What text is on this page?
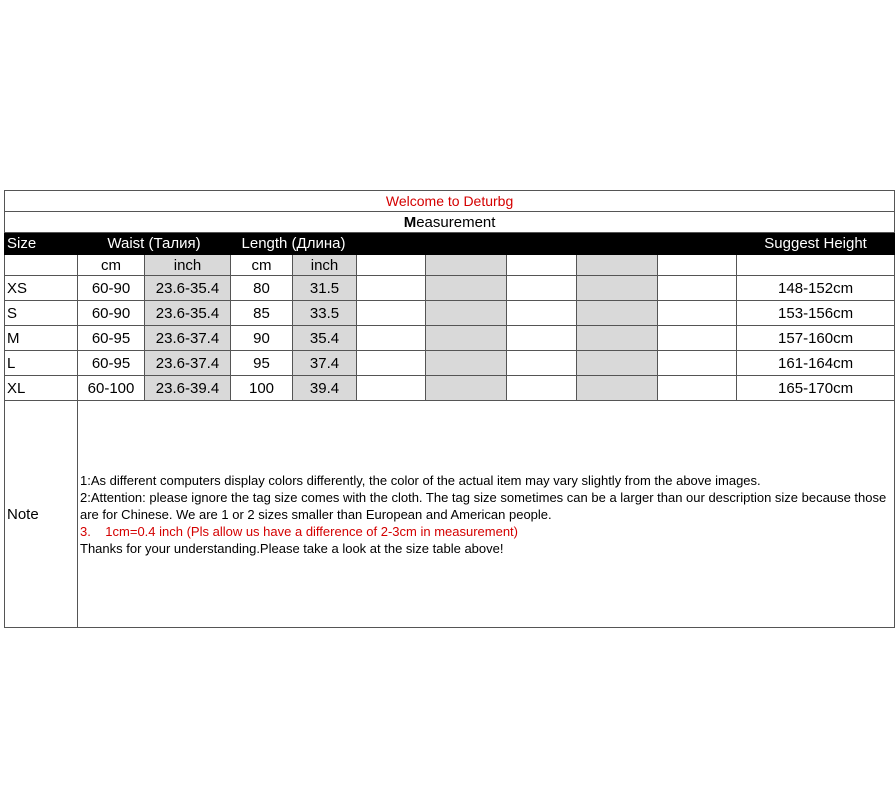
Welcome to Deturbg										
Measurement										
Size	Waist (Талия)		Length (Длина)							Suggest Height
	cm	inch	cm	inch						
XS	60-90	23.6-35.4	80	31.5						148-152cm
S	60-90	23.6-35.4	85	33.5						153-156cm
M	60-95	23.6-37.4	90	35.4						157-160cm
L	60-95	23.6-37.4	95	37.4						161-164cm
XL	60-100	23.6-39.4	100	39.4						165-170cm
Note	1:As different computers display colors differently, the color of the actual item may vary slightly from the above images.

2:Attention: please ignore the tag size comes with the cloth. The tag size sometimes can be a larger than our description size because those are for Chinese. We are 1 or 2 sizes smaller than European and American people.

3. 1cm=0.4 inch (Pls allow us have a difference of 2-3cm in measurement)

Thanks for your understanding.Please take a look at the size table above!									
